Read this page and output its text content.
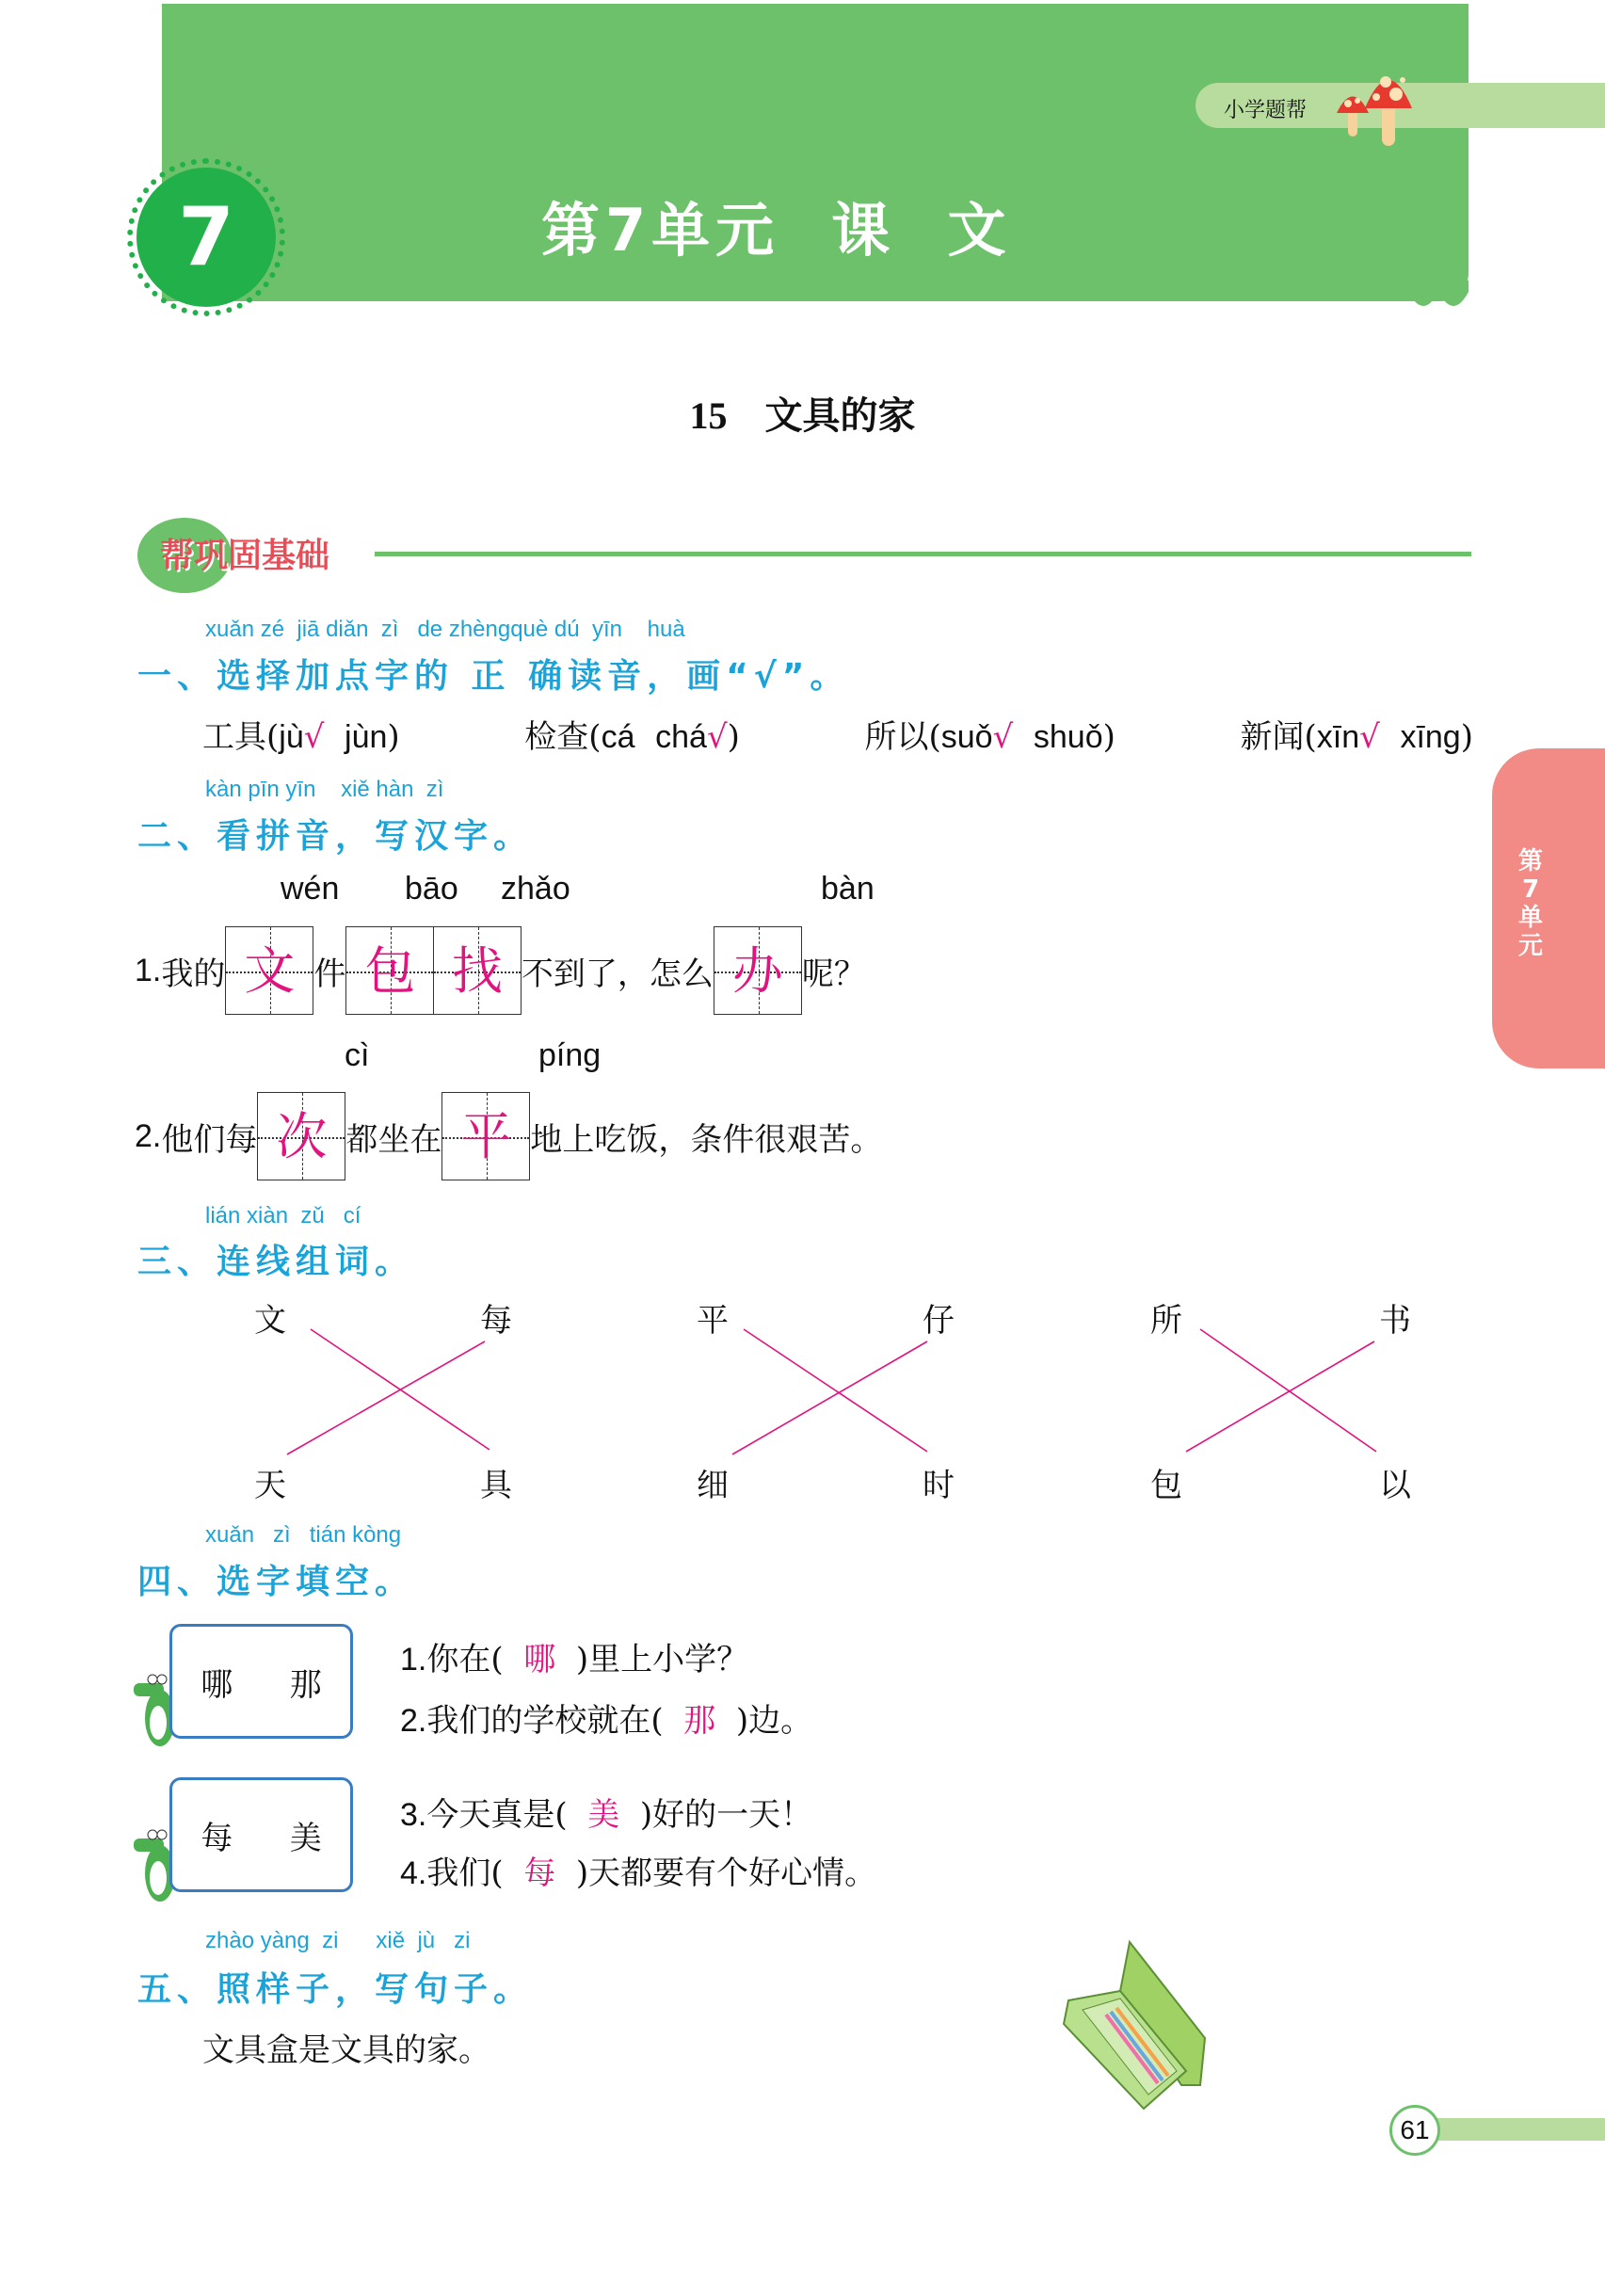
7	第7单元  课  文
小学题帮
第
7
单
元
15 文具的家
帮巩固基础
xuǎn zé  jiā diǎn  zì   de zhèngquè dú  yīn    huà
一、选择加点字的 正 确读音，画“√”。
工具(jù√ jùn)	检查(cá chá√)	所以(suǒ√ shuǒ)	新闻(xīn√ xīng)
kàn pīn yīn    xiě hàn  zì
二、看拼音，写汉字。
wén bāo zhǎo	bàn
1. 我的 文 件 包 找 不到了，怎么 办 呢？
cì	píng
2. 他们每 次 都坐在 平 地上吃饭，条件很艰苦。
lián xiàn  zǔ   cí
三、连线组词。
文	每
天	具
平	仔
细	时
所	书
包	以
xuǎn   zì   tián kòng
四、选字填空。
哪 那
每 美
1.你在( 哪 )里上小学？
2.我们的学校就在( 那 )边。
3.今天真是( 美 )好的一天！
4.我们( 每 )天都要有个好心情。
zhào yàng  zi      xiě  jù   zi
五、照样子，写句子。
文具盒是文具的家。
61
